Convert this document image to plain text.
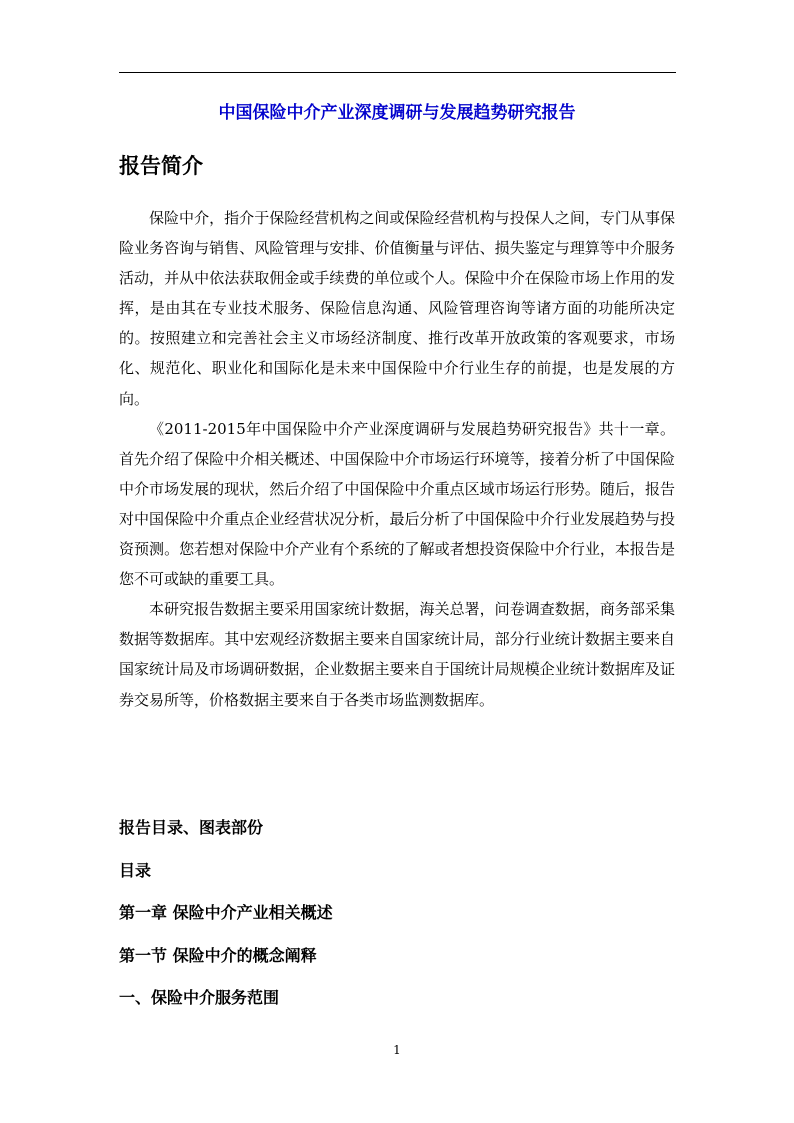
中国保险中介产业深度调研与发展趋势研究报告
报告简介

保险中介，指介于保险经营机构之间或保险经营机构与投保人之间，专门从事保险业务咨询与销售、风险管理与安排、价值衡量与评估、损失鉴定与理算等中介服务活动，并从中依法获取佣金或手续费的单位或个人。保险中介在保险市场上作用的发挥，是由其在专业技术服务、保险信息沟通、风险管理咨询等诸方面的功能所决定的。按照建立和完善社会主义市场经济制度、推行改革开放政策的客观要求，市场化、规范化、职业化和国际化是未来中国保险中介行业生存的前提，也是发展的方向。

《2011-2015年中国保险中介产业深度调研与发展趋势研究报告》共十一章。首先介绍了保险中介相关概述、中国保险中介市场运行环境等，接着分析了中国保险中介市场发展的现状，然后介绍了中国保险中介重点区域市场运行形势。随后，报告对中国保险中介重点企业经营状况分析，最后分析了中国保险中介行业发展趋势与投资预测。您若想对保险中介产业有个系统的了解或者想投资保险中介行业，本报告是您不可或缺的重要工具。

本研究报告数据主要采用国家统计数据，海关总署，问卷调查数据，商务部采集数据等数据库。其中宏观经济数据主要来自国家统计局，部分行业统计数据主要来自国家统计局及市场调研数据，企业数据主要来自于国统计局规模企业统计数据库及证券交易所等，价格数据主要来自于各类市场监测数据库。

报告目录、图表部份
目录
第一章 保险中介产业相关概述
第一节 保险中介的概念阐释
一、保险中介服务范围
1
